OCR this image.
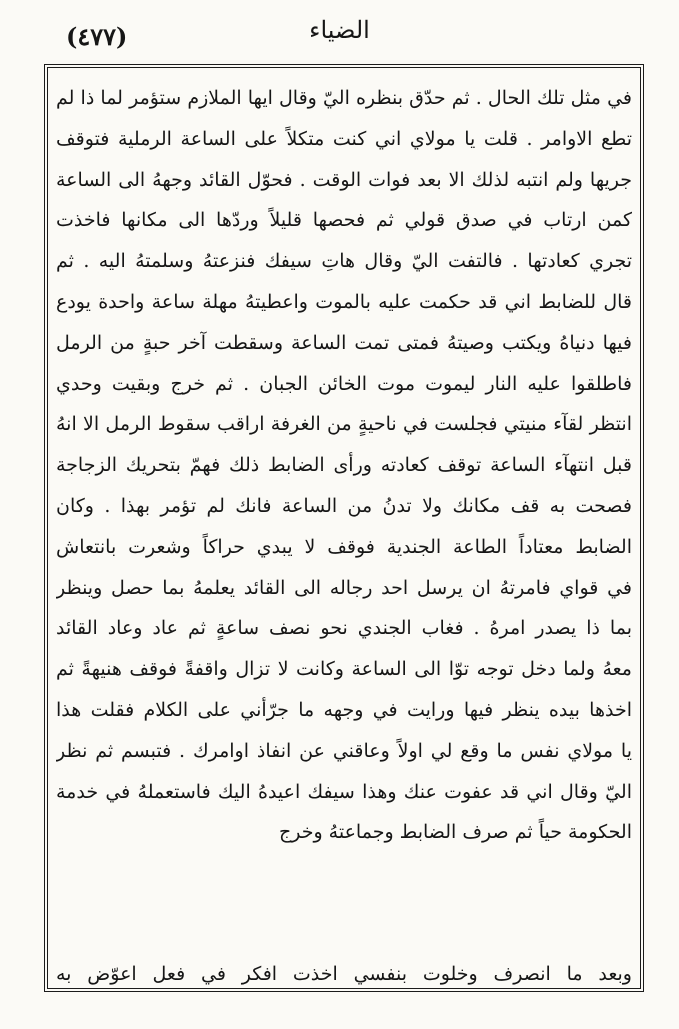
(٤٧٧)	الضياء
في مثل تلك الحال . ثم حدّق بنظره اليّ وقال ايها الملازم ستؤمر لما ذا لم
تطع الاوامر . قلت يا مولاي اني كنت متكلاً على الساعة الرملية فتوقف
جريها ولم انتبه لذلك الا بعد فوات الوقت . فحوّل القائد وجههُ الى الساعة
كمن ارتاب في صدق قولي ثم فحصها قليلاً وردّها الى مكانها فاخذت
تجري كعادتها . فالتفت اليّ وقال هاتِ سيفك فنزعتهُ وسلمتهُ اليه . ثم
قال للضابط اني قد حكمت عليه بالموت واعطيتهُ مهلة ساعة واحدة يودع
فيها دنياهُ ويكتب وصيتهُ فمتى تمت الساعة وسقطت آخر حبةٍ من الرمل
فاطلقوا عليه النار ليموت موت الخائن الجبان . ثم خرج وبقيت وحدي
انتظر لقآء منيتي فجلست في ناحيةٍ من الغرفة اراقب سقوط الرمل الا انهُ
قبل انتهآء الساعة توقف كعادته ورأى الضابط ذلك فهمّ بتحريك الزجاجة
فصحت به قف مكانك ولا تدنُ من الساعة فانك لم تؤمر بهذا . وكان
الضابط معتاداً الطاعة الجندية فوقف لا يبدي حراكاً وشعرت بانتعاش
في قواي فامرتهُ ان يرسل احد رجاله الى القائد يعلمهُ بما حصل وينظر
بما ذا يصدر امرهُ . فغاب الجندي نحو نصف ساعةٍ ثم عاد وعاد القائد
معهُ ولما دخل توجه توّا الى الساعة وكانت لا تزال واقفةً فوقف هنيهةً ثم
اخذها بيده ينظر فيها ورايت في وجهه ما جرّأني على الكلام فقلت هذا
يا مولاي نفس ما وقع لي اولاً وعاقني عن انفاذ اوامرك . فتبسم ثم نظر
اليّ وقال اني قد عفوت عنك وهذا سيفك اعيدهُ اليك فاستعملهُ في خدمة
الحكومة حياً ثم صرف الضابط وجماعتهُ وخرج
وبعد ما انصرف وخلوت بنفسي اخذت افكر في فعل اعوّض به
